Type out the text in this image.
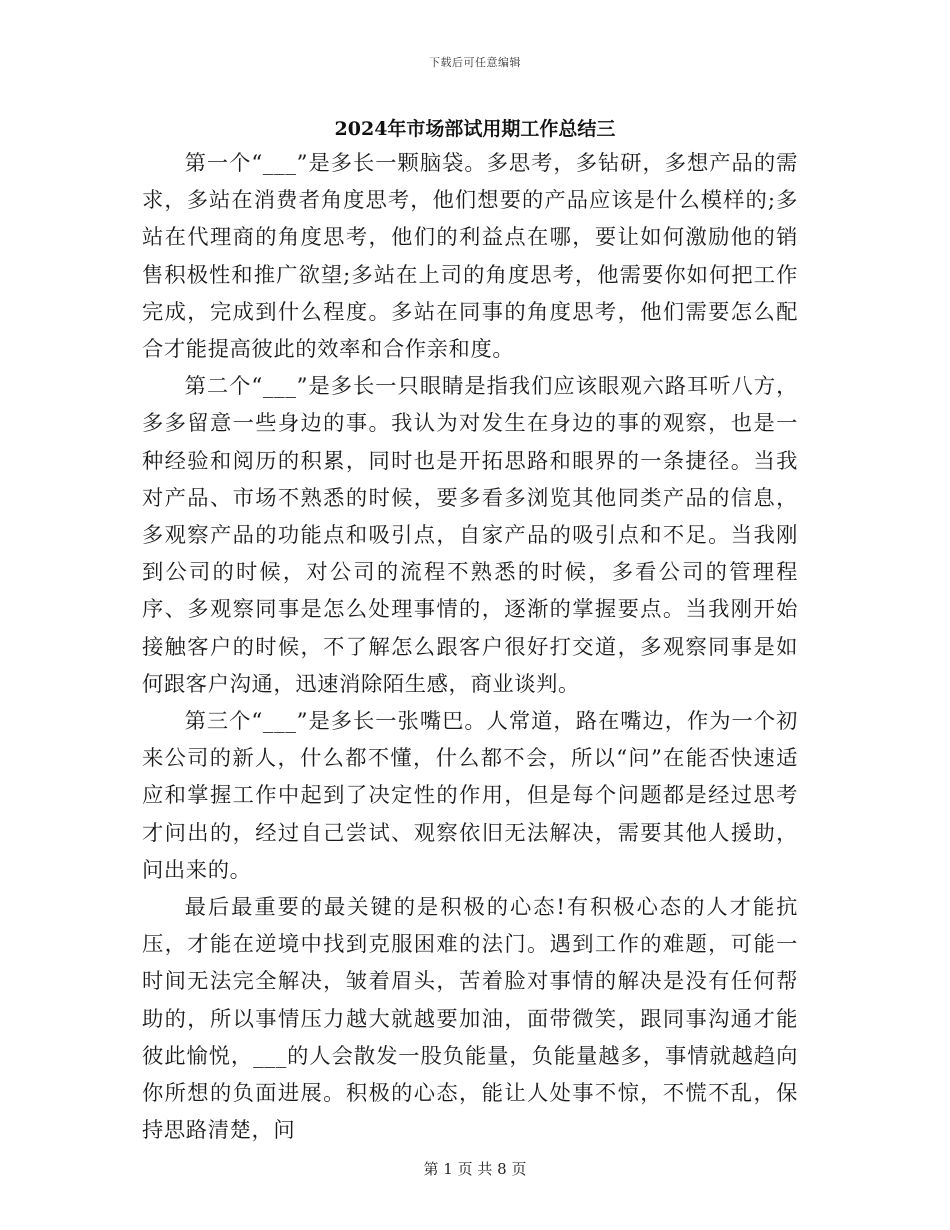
下载后可任意编辑
2024年市场部试用期工作总结三

第一个“___”是多长一颗脑袋。多思考，多钻研，多想产品的需求，多站在消费者角度思考，他们想要的产品应该是什么模样的;多站在代理商的角度思考，他们的利益点在哪，要让如何激励他的销售积极性和推广欲望;多站在上司的角度思考，他需要你如何把工作完成，完成到什么程度。多站在同事的角度思考，他们需要怎么配合才能提高彼此的效率和合作亲和度。

第二个“___”是多长一只眼睛是指我们应该眼观六路耳听八方，多多留意一些身边的事。我认为对发生在身边的事的观察，也是一种经验和阅历的积累，同时也是开拓思路和眼界的一条捷径。当我对产品、市场不熟悉的时候，要多看多浏览其他同类产品的信息，多观察产品的功能点和吸引点，自家产品的吸引点和不足。当我刚到公司的时候，对公司的流程不熟悉的时候，多看公司的管理程序、多观察同事是怎么处理事情的，逐渐的掌握要点。当我刚开始接触客户的时候，不了解怎么跟客户很好打交道，多观察同事是如何跟客户沟通，迅速消除陌生感，商业谈判。

第三个“___”是多长一张嘴巴。人常道，路在嘴边，作为一个初来公司的新人，什么都不懂，什么都不会，所以“问”在能否快速适应和掌握工作中起到了决定性的作用，但是每个问题都是经过思考才问出的，经过自己尝试、观察依旧无法解决，需要其他人援助，问出来的。

最后最重要的最关键的是积极的心态!有积极心态的人才能抗压，才能在逆境中找到克服困难的法门。遇到工作的难题，可能一时间无法完全解决，皱着眉头，苦着脸对事情的解决是没有任何帮助的，所以事情压力越大就越要加油，面带微笑，跟同事沟通才能彼此愉悦，___的人会散发一股负能量，负能量越多，事情就越趋向你所想的负面进展。积极的心态，能让人处事不惊，不慌不乱，保持思路清楚，问

第 1 页 共 8 页
